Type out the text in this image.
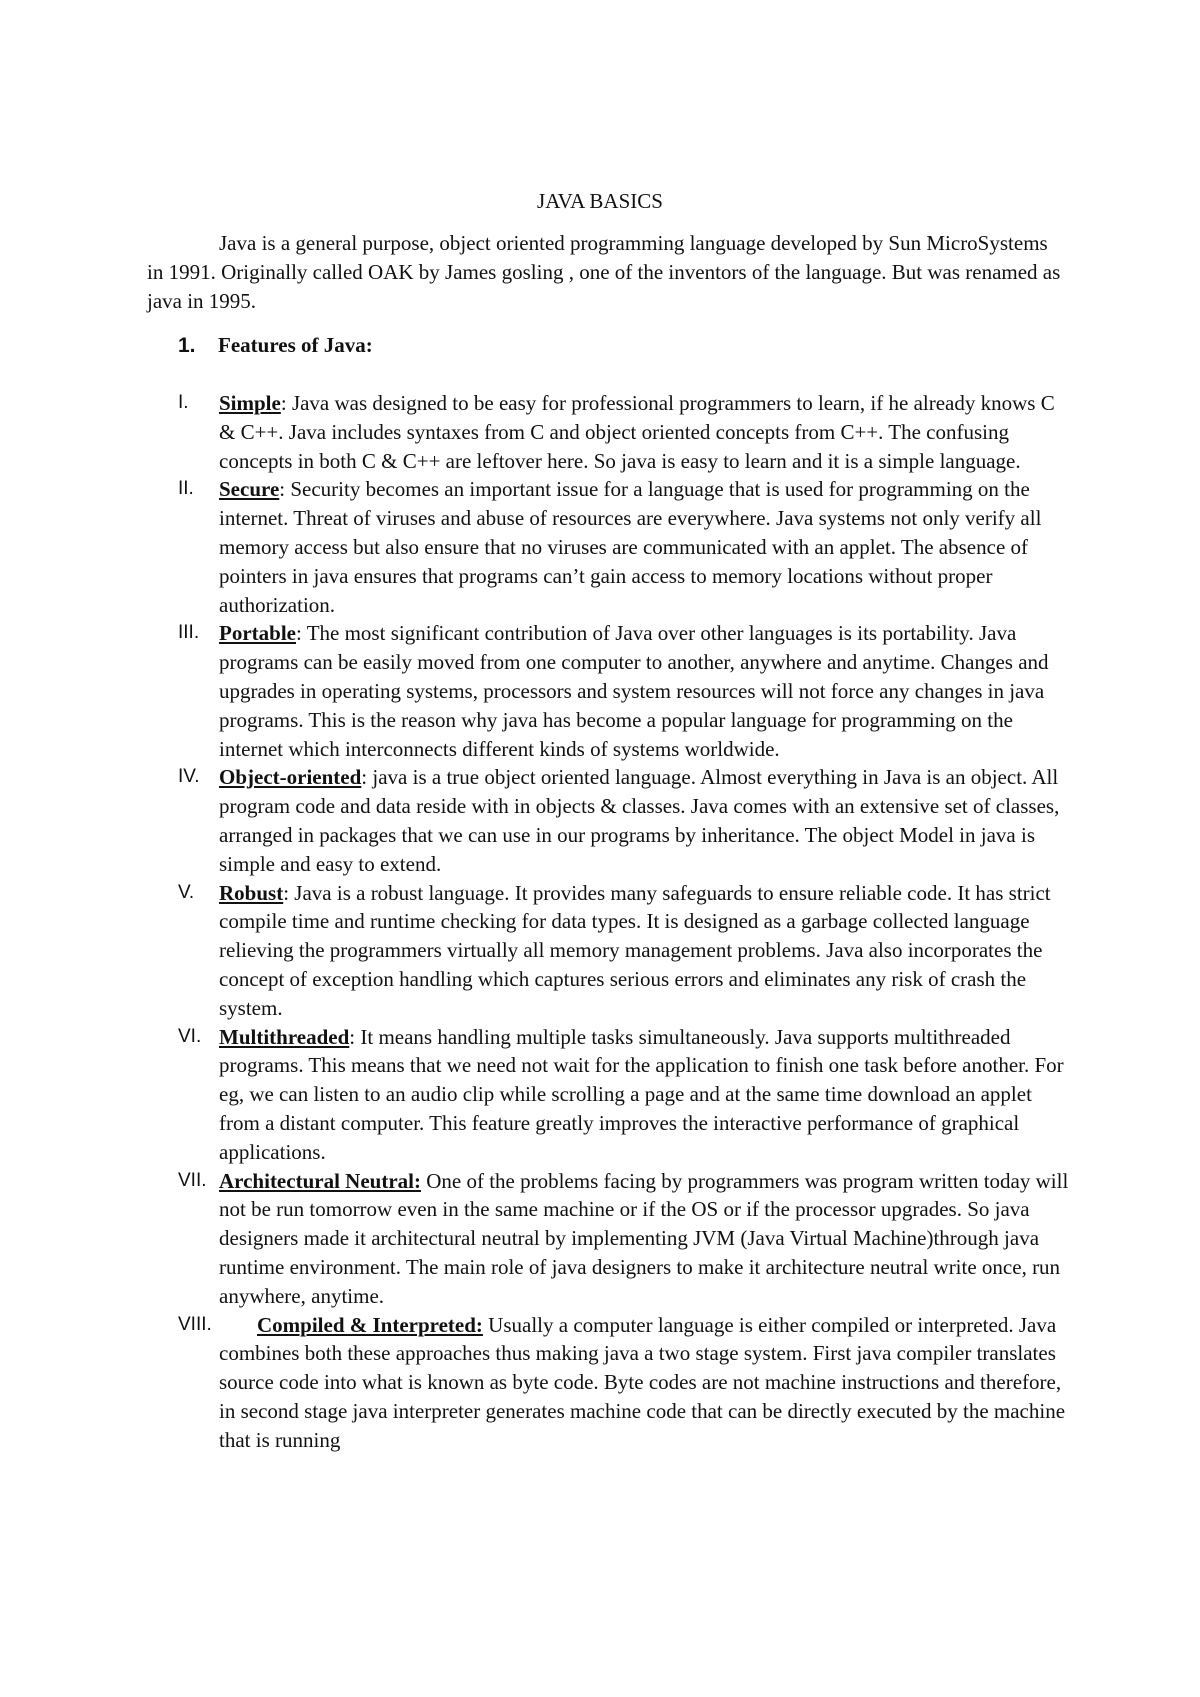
JAVA BASICS

Java is a general purpose, object oriented programming language developed by Sun MicroSystems in 1991. Originally called OAK by James gosling , one of the inventors of the language. But was renamed as java in 1995.

1. Features of Java:
I. Simple: Java was designed to be easy for professional programmers to learn, if he already knows C & C++. Java includes syntaxes from C and object oriented concepts from C++. The confusing concepts in both C & C++ are leftover here. So java is easy to learn and it is a simple language.
II. Secure: Security becomes an important issue for a language that is used for programming on the internet. Threat of viruses and abuse of resources are everywhere. Java systems not only verify all memory access but also ensure that no viruses are communicated with an applet. The absence of pointers in java ensures that programs can’t gain access to memory locations without proper authorization.
III. Portable: The most significant contribution of Java over other languages is its portability. Java programs can be easily moved from one computer to another, anywhere and anytime. Changes and upgrades in operating systems, processors and system resources will not force any changes in java programs. This is the reason why java has become a popular language for programming on the internet which interconnects different kinds of systems worldwide.
IV. Object-oriented: java is a true object oriented language. Almost everything in Java is an object. All program code and data reside with in objects & classes. Java comes with an extensive set of classes, arranged in packages that we can use in our programs by inheritance. The object Model in java is simple and easy to extend.
V. Robust: Java is a robust language. It provides many safeguards to ensure reliable code. It has strict compile time and runtime checking for data types. It is designed as a garbage collected language relieving the programmers virtually all memory management problems. Java also incorporates the concept of exception handling which captures serious errors and eliminates any risk of crash the system.
VI. Multithreaded: It means handling multiple tasks simultaneously. Java supports multithreaded programs. This means that we need not wait for the application to finish one task before another. For eg, we can listen to an audio clip while scrolling a page and at the same time download an applet from a distant computer. This feature greatly improves the interactive performance of graphical applications.
VII. Architectural Neutral: One of the problems facing by programmers was program written today will not be run tomorrow even in the same machine or if the OS or if the processor upgrades. So java designers made it architectural neutral by implementing JVM (Java Virtual Machine)through java runtime environment. The main role of java designers to make it architecture neutral write once, run anywhere, anytime.
VIII. Compiled & Interpreted: Usually a computer language is either compiled or interpreted. Java combines both these approaches thus making java a two stage system. First java compiler translates source code into what is known as byte code. Byte codes are not machine instructions and therefore, in second stage java interpreter generates machine code that can be directly executed by the machine that is running
